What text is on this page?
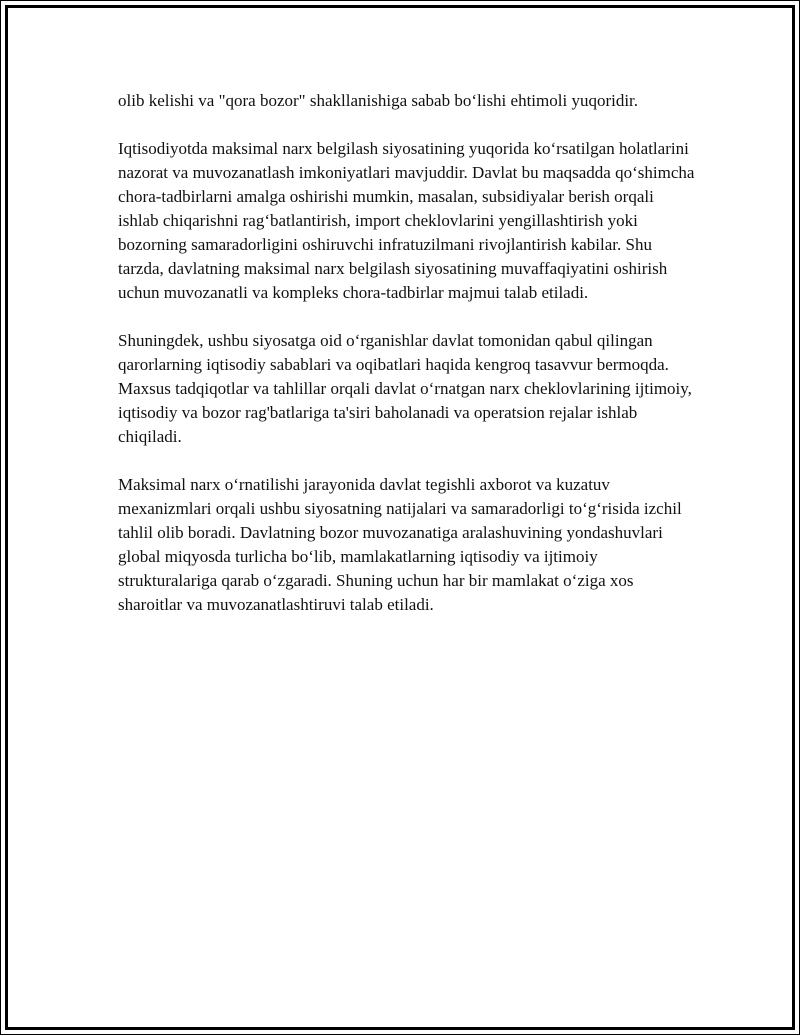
olib kelishi va "qora bozor" shakllanishiga sabab bo‘lishi ehtimoli yuqoridir.

Iqtisodiyotda maksimal narx belgilash siyosatining yuqorida ko‘rsatilgan holatlarini nazorat va muvozanatlash imkoniyatlari mavjuddir. Davlat bu maqsadda qo‘shimcha chora-tadbirlarni amalga oshirishi mumkin, masalan, subsidiyalar berish orqali ishlab chiqarishni rag‘batlantirish, import cheklovlarini yengillashtirish yoki bozorning samaradorligini oshiruvchi infratuzilmani rivojlantirish kabilar. Shu tarzda, davlatning maksimal narx belgilash siyosatining muvaffaqiyatini oshirish uchun muvozanatli va kompleks chora-tadbirlar majmui talab etiladi.

Shuningdek, ushbu siyosatga oid o‘rganishlar davlat tomonidan qabul qilingan qarorlarning iqtisodiy sabablari va oqibatlari haqida kengroq tasavvur bermoqda. Maxsus tadqiqotlar va tahlillar orqali davlat o‘rnatgan narx cheklovlarining ijtimoiy, iqtisodiy va bozor rag'batlariga ta'siri baholanadi va operatsion rejalar ishlab chiqiladi.

Maksimal narx o‘rnatilishi jarayonida davlat tegishli axborot va kuzatuv mexanizmlari orqali ushbu siyosatning natijalari va samaradorligi to‘g‘risida izchil tahlil olib boradi. Davlatning bozor muvozanatiga aralashuvining yondashuvlari global miqyosda turlicha bo‘lib, mamlakatlarning iqtisodiy va ijtimoiy strukturalariga qarab o‘zgaradi. Shuning uchun har bir mamlakat o‘ziga xos sharoitlar va muvozanatlashtiruvi talab etiladi.
